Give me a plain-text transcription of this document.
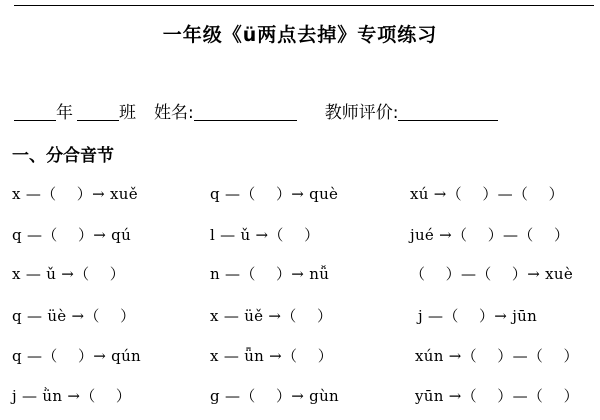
一年级《ü两点去掉》专项练习
年	班 姓名:	教师评价:
一、分合音节
x —（　 ）→ xuě	q —（　 ）→ què	xú →（　 ）—（　 ）
q —（　 ）→ qú	l — ǔ →（　 ）	jué →（　 ）—（　 ）
x — ǔ →（　 ）	n —（　 ）→ nǚ	（　 ）—（　 ）→ xuè
q — üè →（　 ）	x — üě →（　 ）	j —（　 ）→ jūn
q —（　 ）→ qún	x — ǖn →（　 ）	xún →（　 ）—（　 ）
j — ǜn →（　 ）	g —（　 ）→ gùn	yūn →（　 ）—（　 ）
